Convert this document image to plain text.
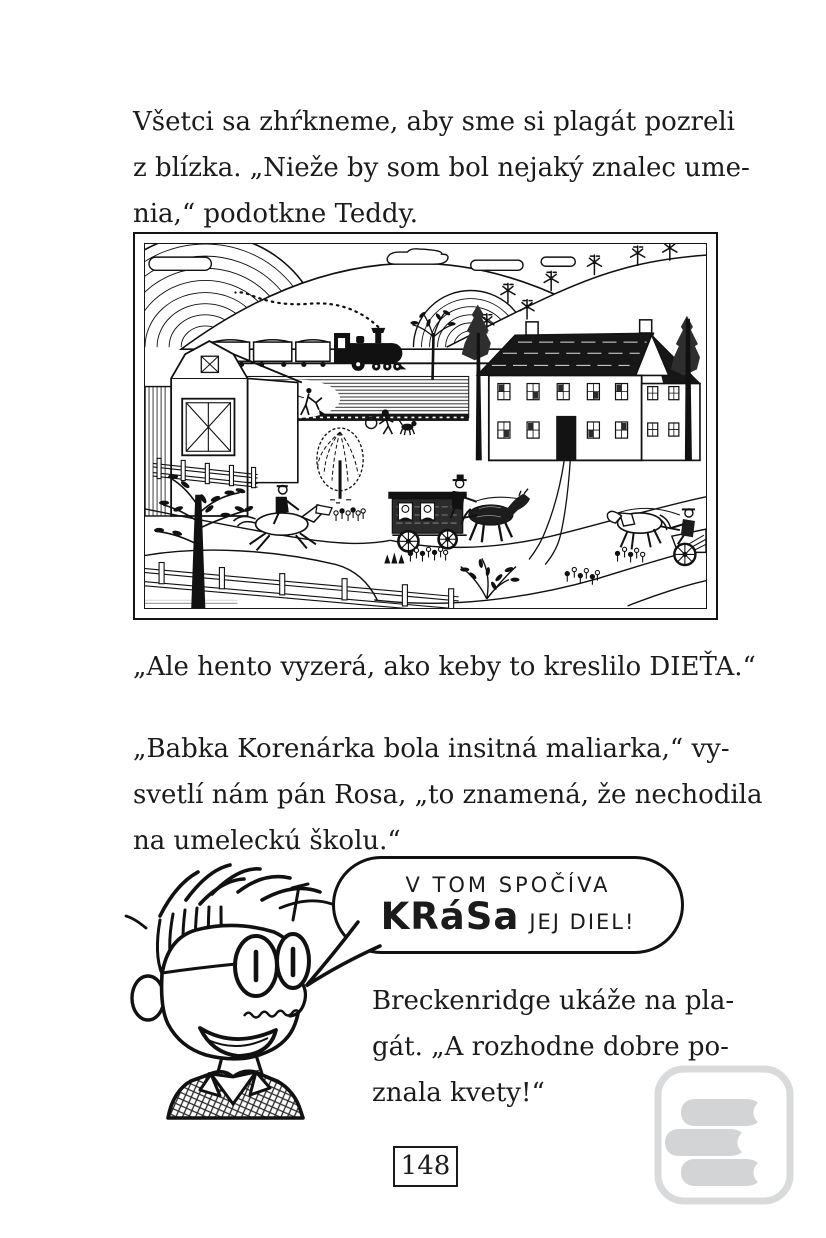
Všetci sa zhŕkneme, aby sme si plagát pozreli
z blízka. „Nieže by som bol nejaký znalec ume-
nia,“ podotkne Teddy.
„Ale hento vyzerá, ako keby to kreslilo DIEŤA.“
„Babka Korenárka bola insitná maliarka,“ vy-
svetlí nám pán Rosa, „to znamená, že nechodila
na umeleckú školu.“
V TOM SPOČÍVA
KRáSa JEJ DIEL!
Breckenridge ukáže na pla-
gát. „A rozhodne dobre po-
znala kvety!“
148
